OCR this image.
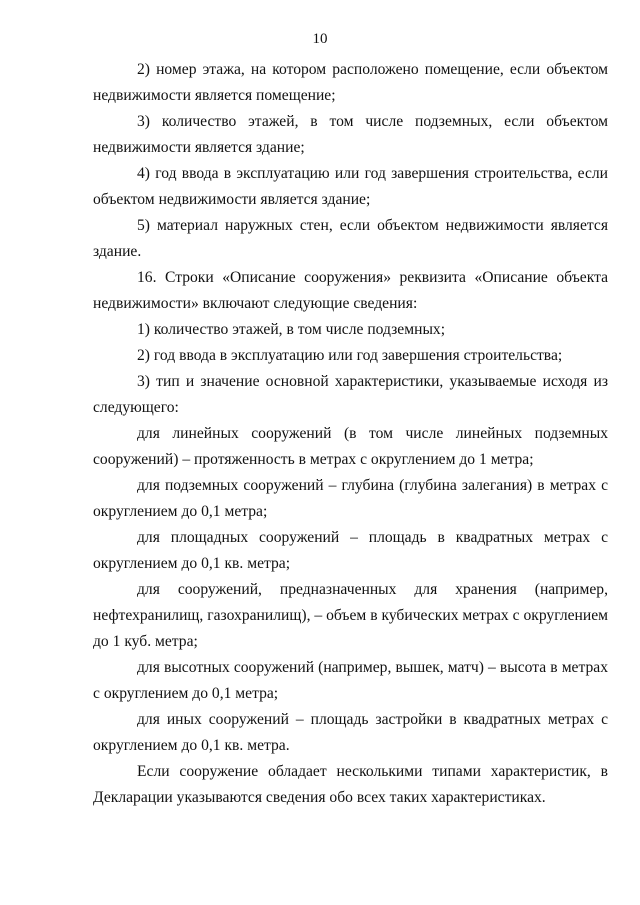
10

2) номер этажа, на котором расположено помещение, если объектом недвижимости является помещение;

3) количество этажей, в том числе подземных, если объектом недвижимости является здание;

4) год ввода в эксплуатацию или год завершения строительства, если объектом недвижимости является здание;

5) материал наружных стен, если объектом недвижимости является здание.

16. Строки «Описание сооружения» реквизита «Описание объекта недвижимости» включают следующие сведения:

1) количество этажей, в том числе подземных;

2) год ввода в эксплуатацию или год завершения строительства;

3) тип и значение основной характеристики, указываемые исходя из следующего:

для линейных сооружений (в том числе линейных подземных сооружений) – протяженность в метрах с округлением до 1 метра;

для подземных сооружений – глубина (глубина залегания) в метрах с округлением до 0,1 метра;

для площадных сооружений – площадь в квадратных метрах с округлением до 0,1 кв. метра;

для сооружений, предназначенных для хранения (например, нефтехранилищ, газохранилищ), – объем в кубических метрах с округлением до 1 куб. метра;

для высотных сооружений (например, вышек, матч) – высота в метрах с округлением до 0,1 метра;

для иных сооружений – площадь застройки в квадратных метрах с округлением до 0,1 кв. метра.

Если сооружение обладает несколькими типами характеристик, в Декларации указываются сведения обо всех таких характеристиках.
